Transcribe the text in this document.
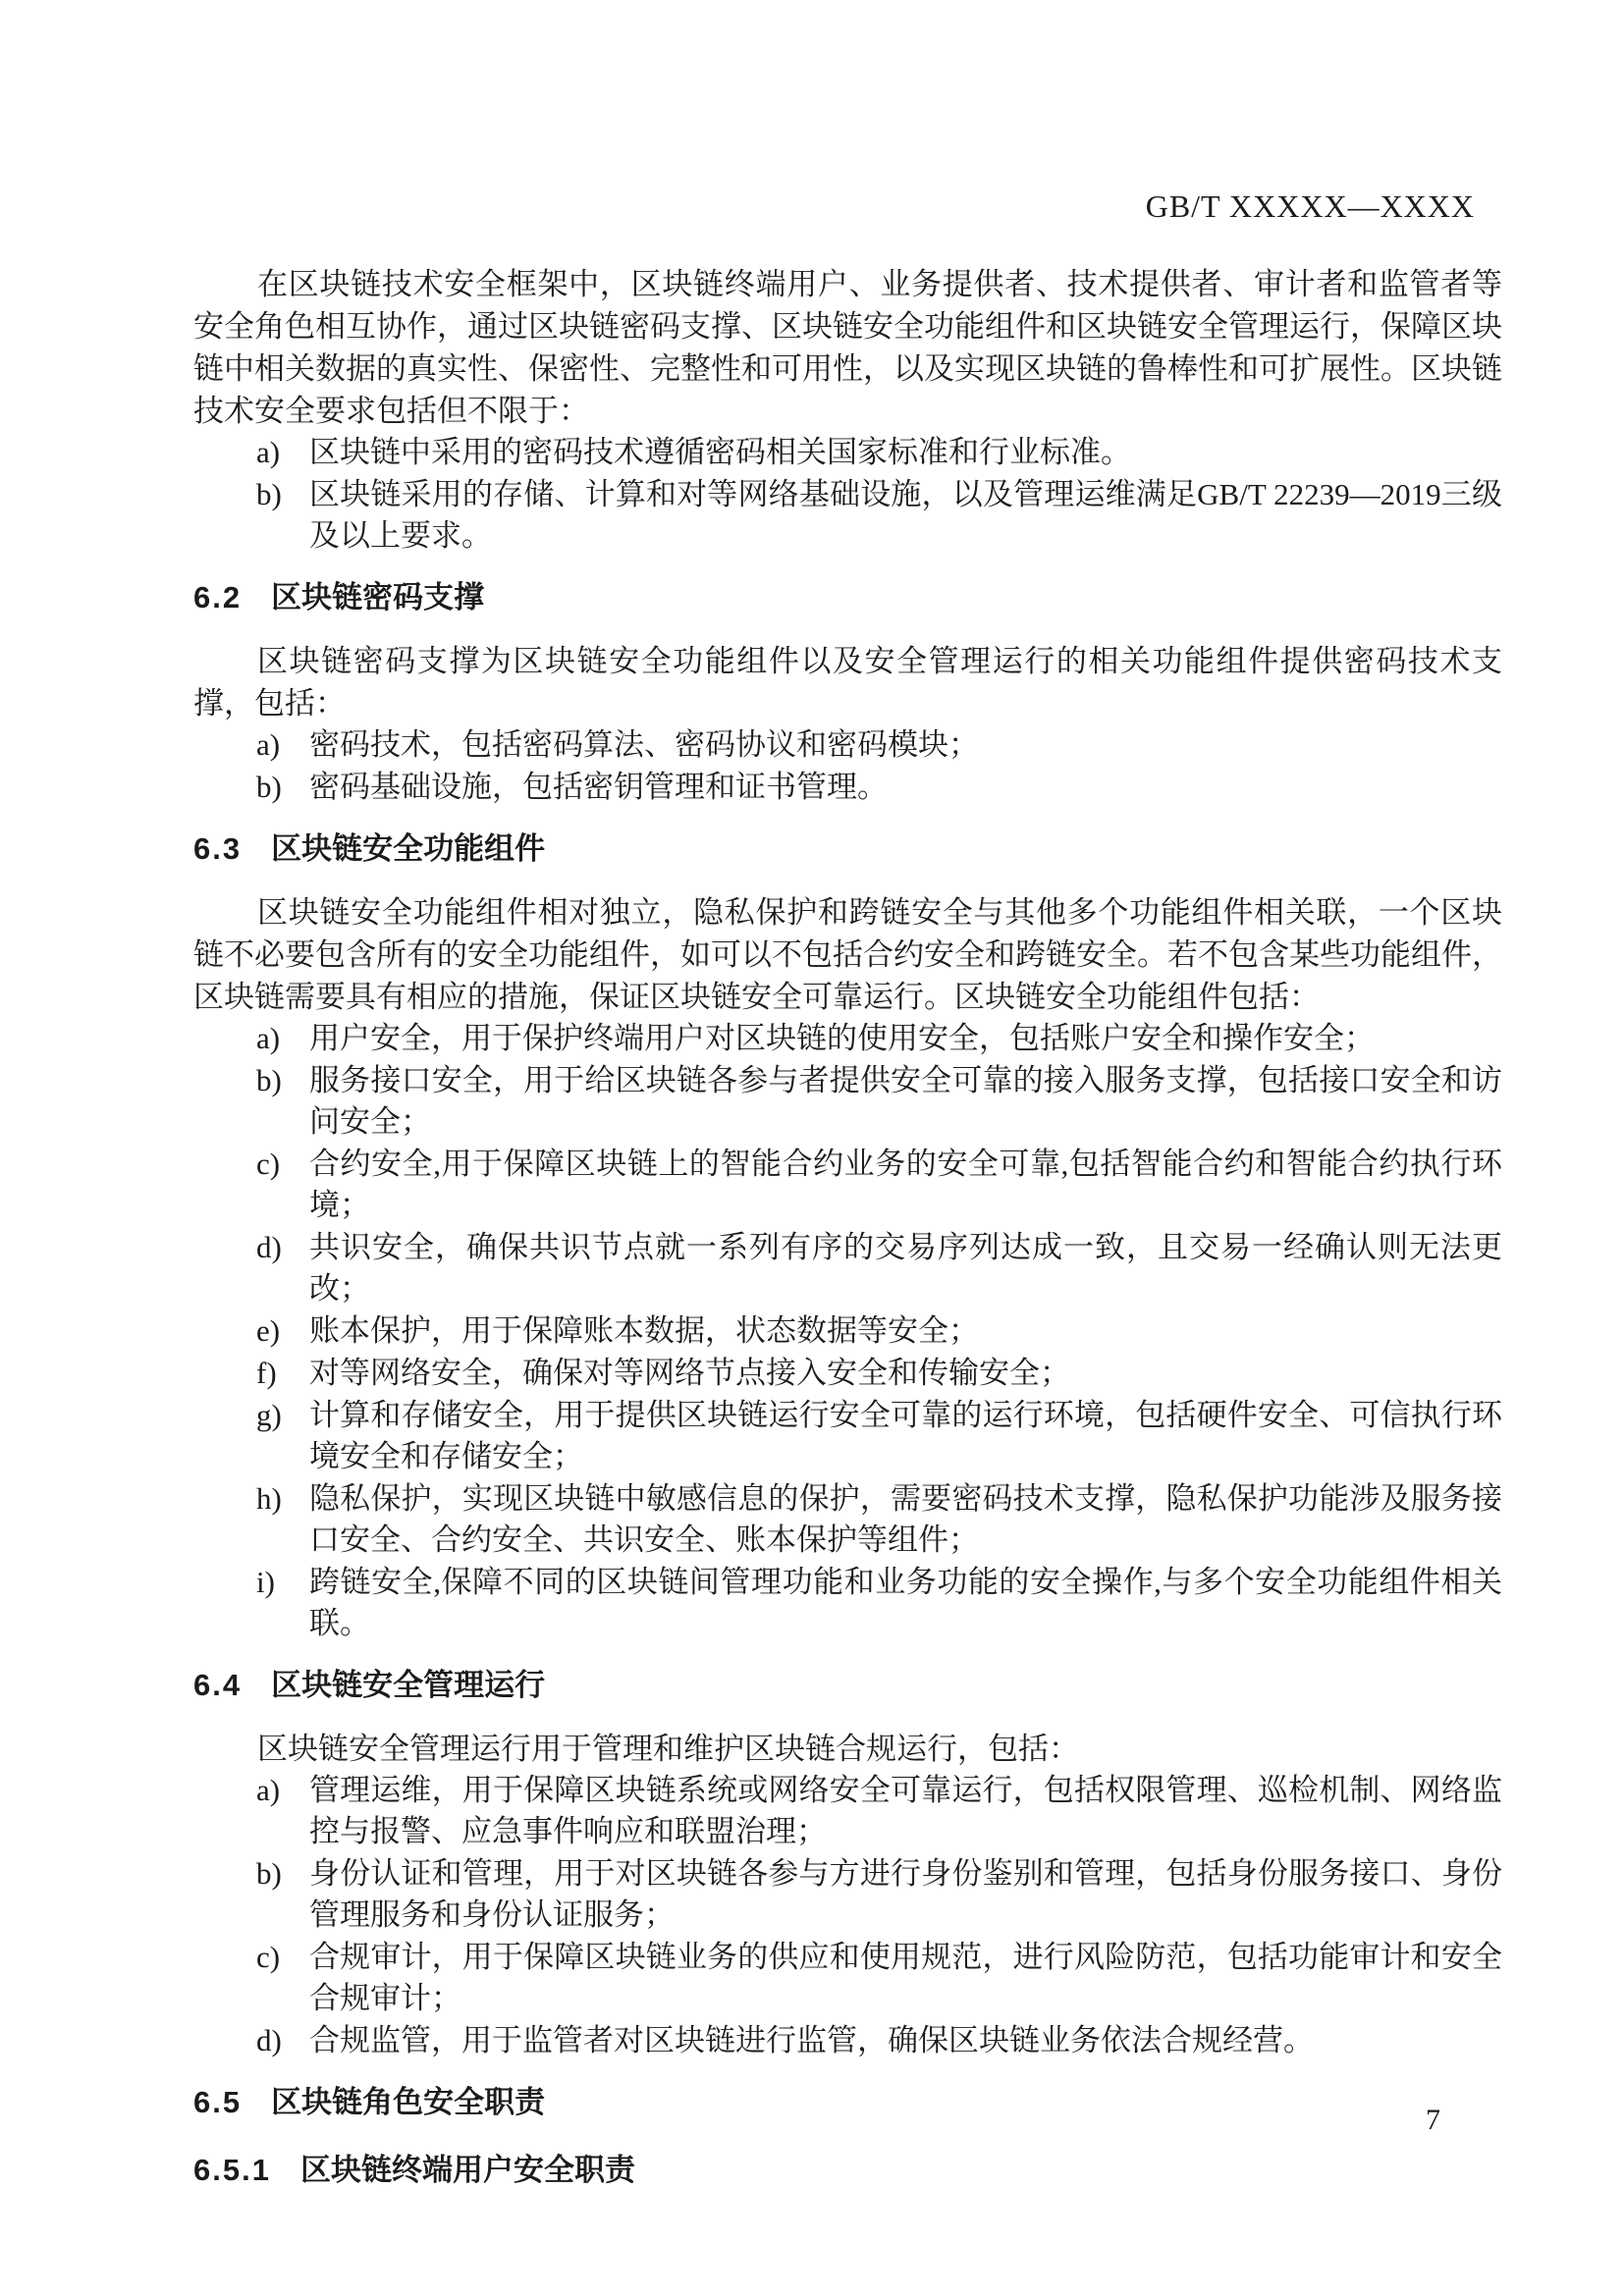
GB/T XXXXX—XXXX

在区块链技术安全框架中，区块链终端用户、业务提供者、技术提供者、审计者和监管者等安全角色相互协作，通过区块链密码支撑、区块链安全功能组件和区块链安全管理运行，保障区块链中相关数据的真实性、保密性、完整性和可用性，以及实现区块链的鲁棒性和可扩展性。区块链技术安全要求包括但不限于：

a) 区块链中采用的密码技术遵循密码相关国家标准和行业标准。
b) 区块链采用的存储、计算和对等网络基础设施，以及管理运维满足GB/T 22239—2019三级及以上要求。
6.2 区块链密码支撑

区块链密码支撑为区块链安全功能组件以及安全管理运行的相关功能组件提供密码技术支撑，包括：

a) 密码技术，包括密码算法、密码协议和密码模块；
b) 密码基础设施，包括密钥管理和证书管理。
6.3 区块链安全功能组件

区块链安全功能组件相对独立，隐私保护和跨链安全与其他多个功能组件相关联，一个区块链不必要包含所有的安全功能组件，如可以不包括合约安全和跨链安全。若不包含某些功能组件，区块链需要具有相应的措施，保证区块链安全可靠运行。区块链安全功能组件包括：

a) 用户安全，用于保护终端用户对区块链的使用安全，包括账户安全和操作安全；
b) 服务接口安全，用于给区块链各参与者提供安全可靠的接入服务支撑，包括接口安全和访问安全；
c) 合约安全,用于保障区块链上的智能合约业务的安全可靠,包括智能合约和智能合约执行环境；
d) 共识安全，确保共识节点就一系列有序的交易序列达成一致，且交易一经确认则无法更改；
e) 账本保护，用于保障账本数据，状态数据等安全；
f) 对等网络安全，确保对等网络节点接入安全和传输安全；
g) 计算和存储安全，用于提供区块链运行安全可靠的运行环境，包括硬件安全、可信执行环境安全和存储安全；
h) 隐私保护，实现区块链中敏感信息的保护，需要密码技术支撑，隐私保护功能涉及服务接口安全、合约安全、共识安全、账本保护等组件；
i) 跨链安全,保障不同的区块链间管理功能和业务功能的安全操作,与多个安全功能组件相关联。
6.4 区块链安全管理运行

区块链安全管理运行用于管理和维护区块链合规运行，包括：

a) 管理运维，用于保障区块链系统或网络安全可靠运行，包括权限管理、巡检机制、网络监控与报警、应急事件响应和联盟治理；
b) 身份认证和管理，用于对区块链各参与方进行身份鉴别和管理，包括身份服务接口、身份管理服务和身份认证服务；
c) 合规审计，用于保障区块链业务的供应和使用规范，进行风险防范，包括功能审计和安全合规审计；
d) 合规监管，用于监管者对区块链进行监管，确保区块链业务依法合规经营。
6.5 区块链角色安全职责
6.5.1 区块链终端用户安全职责
7
